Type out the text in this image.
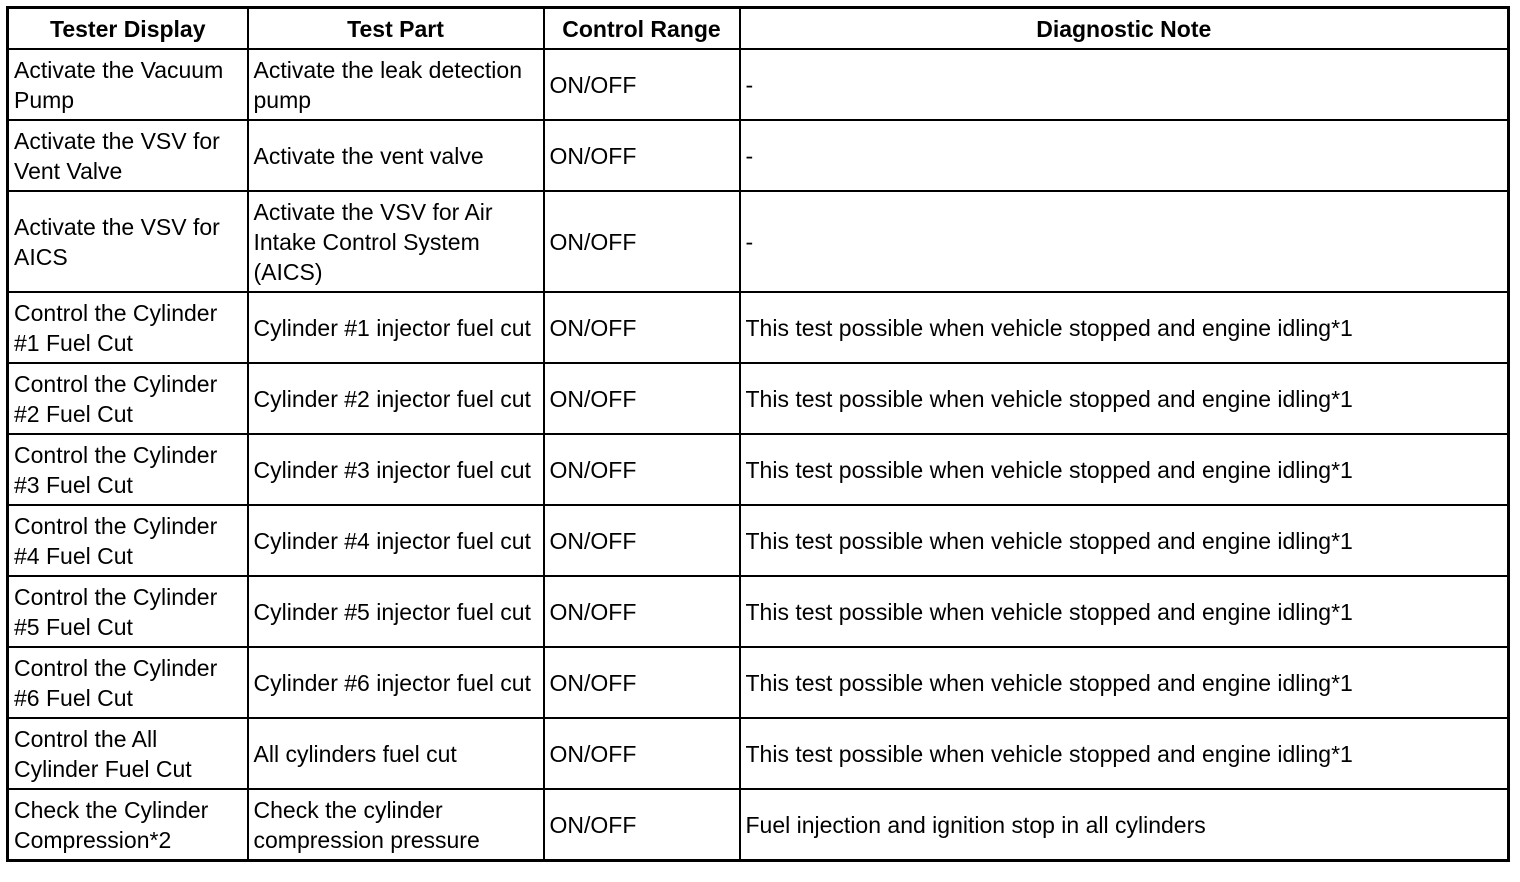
Tester Display	Test Part	Control Range	Diagnostic Note
Activate the Vacuum Pump	Activate the leak detection pump	ON/OFF	-
Activate the VSV for Vent Valve	Activate the vent valve	ON/OFF	-
Activate the VSV for AICS	Activate the VSV for Air Intake Control System (AICS)	ON/OFF	-
Control the Cylinder #1 Fuel Cut	Cylinder #1 injector fuel cut	ON/OFF	This test possible when vehicle stopped and engine idling*1
Control the Cylinder #2 Fuel Cut	Cylinder #2 injector fuel cut	ON/OFF	This test possible when vehicle stopped and engine idling*1
Control the Cylinder #3 Fuel Cut	Cylinder #3 injector fuel cut	ON/OFF	This test possible when vehicle stopped and engine idling*1
Control the Cylinder #4 Fuel Cut	Cylinder #4 injector fuel cut	ON/OFF	This test possible when vehicle stopped and engine idling*1
Control the Cylinder #5 Fuel Cut	Cylinder #5 injector fuel cut	ON/OFF	This test possible when vehicle stopped and engine idling*1
Control the Cylinder #6 Fuel Cut	Cylinder #6 injector fuel cut	ON/OFF	This test possible when vehicle stopped and engine idling*1
Control the All Cylinder Fuel Cut	All cylinders fuel cut	ON/OFF	This test possible when vehicle stopped and engine idling*1
Check the Cylinder Compression*2	Check the cylinder compression pressure	ON/OFF	Fuel injection and ignition stop in all cylinders
